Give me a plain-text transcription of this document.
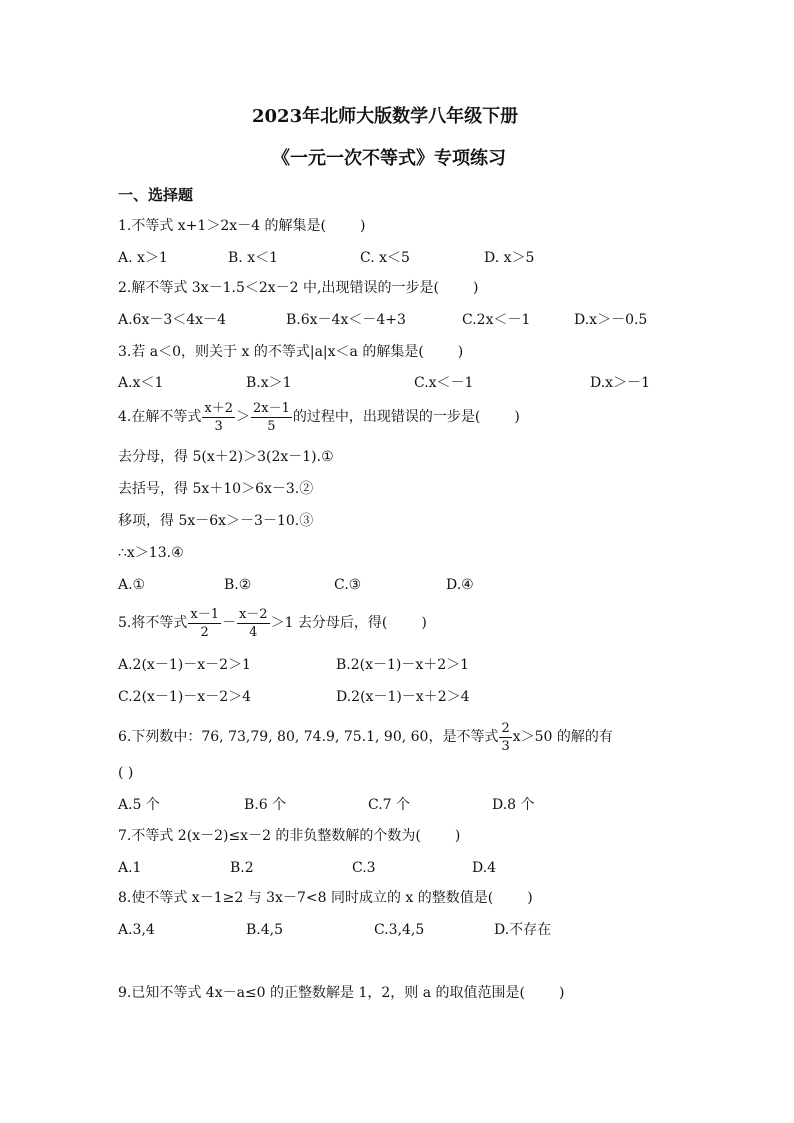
2023年北师大版数学八年级下册
《一元一次不等式》专项练习
一、选择题
1.不等式 x+1＞2x－4 的解集是( )
A. x＞1	B. x＜1	C. x＜5	D. x＞5
2.解不等式 3x－1.5＜2x－2 中,出现错误的一步是( )
A.6x－3＜4x－4	B.6x－4x＜－4+3	C.2x＜－1	D.x＞－0.5
3.若 a＜0，则关于 x 的不等式|a|x＜a 的解集是( )
A.x＜1	B.x＞1	C.x＜－1	D.x＞－1
4.在解不等式 $\frac{x+2}{3} > \frac{2x-1}{5}$ 的过程中，出现错误的一步是( )
去分母，得 5(x＋2)＞3(2x－1).①
去括号，得 5x＋10＞6x－3.②
移项，得 5x－6x＞－3－10.③
∴x＞13.④
A.①	B.②	C.③	D.④
5.将不等式 $\frac{x-1}{2} - \frac{x-2}{4} >1$ 去分母后，得( )
A.2(x－1)－x－2＞1	B.2(x－1)－x＋2＞1
C.2(x－1)－x－2＞4	D.2(x－1)－x＋2＞4
6.下列数中：76, 73,79, 80, 74.9, 75.1, 90, 60，是不等式 $\frac{2}{3} x>50$ 的解的有
( )
A.5 个	B.6 个	C.7 个	D.8 个
7.不等式 2(x－2)≤x－2 的非负整数解的个数为( )
A.1	B.2	C.3	D.4
8.使不等式 x－1≥2 与 3x－7<8 同时成立的 x 的整数值是( )
A.3,4	B.4,5	C.3,4,5	D.不存在
9.已知不等式 4x－a≤0 的正整数解是 1，2，则 a 的取值范围是( )
